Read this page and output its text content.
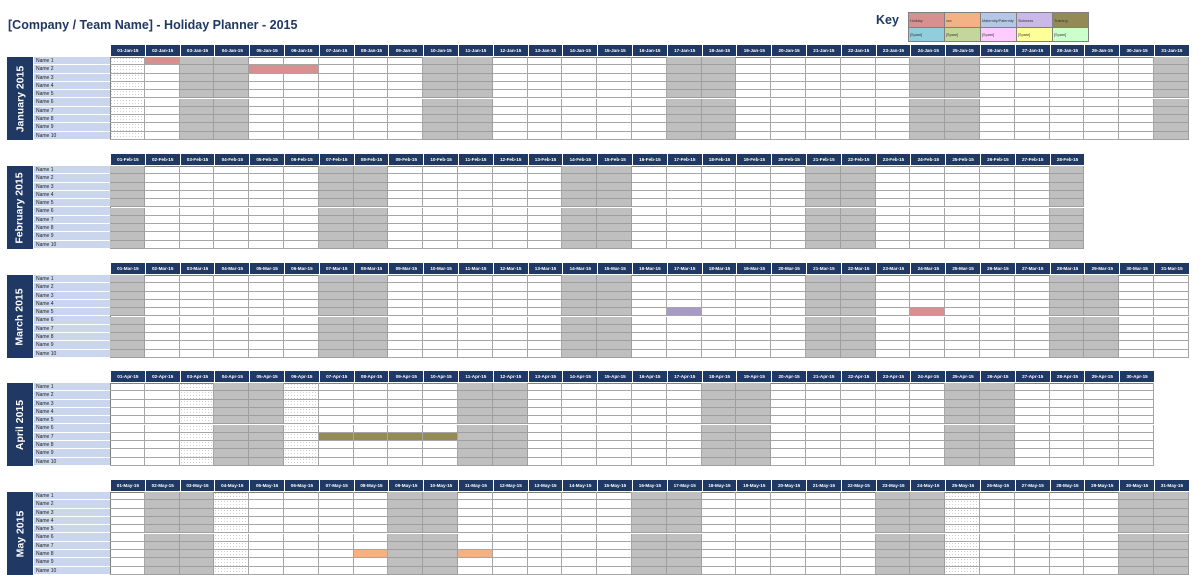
[Company / Team Name] - Holiday Planner - 2015	Key	Holiday	xxx	Maternity/Paternity	Sickness	Training
[Spare]	[Spare]	[Spare]	[Spare]	[Spare]
January 2015
01-Jan-15	02-Jan-15	03-Jan-15	04-Jan-15	05-Jan-15	06-Jan-15	07-Jan-15	08-Jan-15	09-Jan-15	10-Jan-15	11-Jan-15	12-Jan-15	13-Jan-15	14-Jan-15	15-Jan-15	16-Jan-15	17-Jan-15	18-Jan-15	19-Jan-15	20-Jan-15	21-Jan-15	22-Jan-15	23-Jan-15	24-Jan-15	25-Jan-15	26-Jan-15	27-Jan-15	28-Jan-15	29-Jan-15	30-Jan-15	31-Jan-15
Name 1
Name 2
Name 3
Name 4
Name 5
Name 6
Name 7
Name 8
Name 9
Name 10
February 2015
01-Feb-15	02-Feb-15	03-Feb-15	04-Feb-15	05-Feb-15	06-Feb-15	07-Feb-15	08-Feb-15	09-Feb-15	10-Feb-15	11-Feb-15	12-Feb-15	13-Feb-15	14-Feb-15	15-Feb-15	16-Feb-15	17-Feb-15	18-Feb-15	19-Feb-15	20-Feb-15	21-Feb-15	22-Feb-15	23-Feb-15	24-Feb-15	25-Feb-15	26-Feb-15	27-Feb-15	28-Feb-15
Name 1
Name 2
Name 3
Name 4
Name 5
Name 6
Name 7
Name 8
Name 9
Name 10
March 2015
01-Mar-15	02-Mar-15	03-Mar-15	04-Mar-15	05-Mar-15	06-Mar-15	07-Mar-15	08-Mar-15	09-Mar-15	10-Mar-15	11-Mar-15	12-Mar-15	13-Mar-15	14-Mar-15	15-Mar-15	16-Mar-15	17-Mar-15	18-Mar-15	19-Mar-15	20-Mar-15	21-Mar-15	22-Mar-15	23-Mar-15	24-Mar-15	25-Mar-15	26-Mar-15	27-Mar-15	28-Mar-15	29-Mar-15	30-Mar-15	31-Mar-15
Name 1
Name 2
Name 3
Name 4
Name 5
Name 6
Name 7
Name 8
Name 9
Name 10
April 2015
01-Apr-15	02-Apr-15	03-Apr-15	04-Apr-15	05-Apr-15	06-Apr-15	07-Apr-15	08-Apr-15	09-Apr-15	10-Apr-15	11-Apr-15	12-Apr-15	13-Apr-15	14-Apr-15	15-Apr-15	16-Apr-15	17-Apr-15	18-Apr-15	19-Apr-15	20-Apr-15	21-Apr-15	22-Apr-15	23-Apr-15	24-Apr-15	25-Apr-15	26-Apr-15	27-Apr-15	28-Apr-15	29-Apr-15	30-Apr-15
Name 1
Name 2
Name 3
Name 4
Name 5
Name 6
Name 7
Name 8
Name 9
Name 10
May 2015
01-May-15	02-May-15	03-May-15	04-May-15	05-May-15	06-May-15	07-May-15	08-May-15	09-May-15	10-May-15	11-May-15	12-May-15	13-May-15	14-May-15	15-May-15	16-May-15	17-May-15	18-May-15	19-May-15	20-May-15	21-May-15	22-May-15	23-May-15	24-May-15	25-May-15	26-May-15	27-May-15	28-May-15	29-May-15	30-May-15	31-May-15
Name 1
Name 2
Name 3
Name 4
Name 5
Name 6
Name 7
Name 8
Name 9
Name 10
